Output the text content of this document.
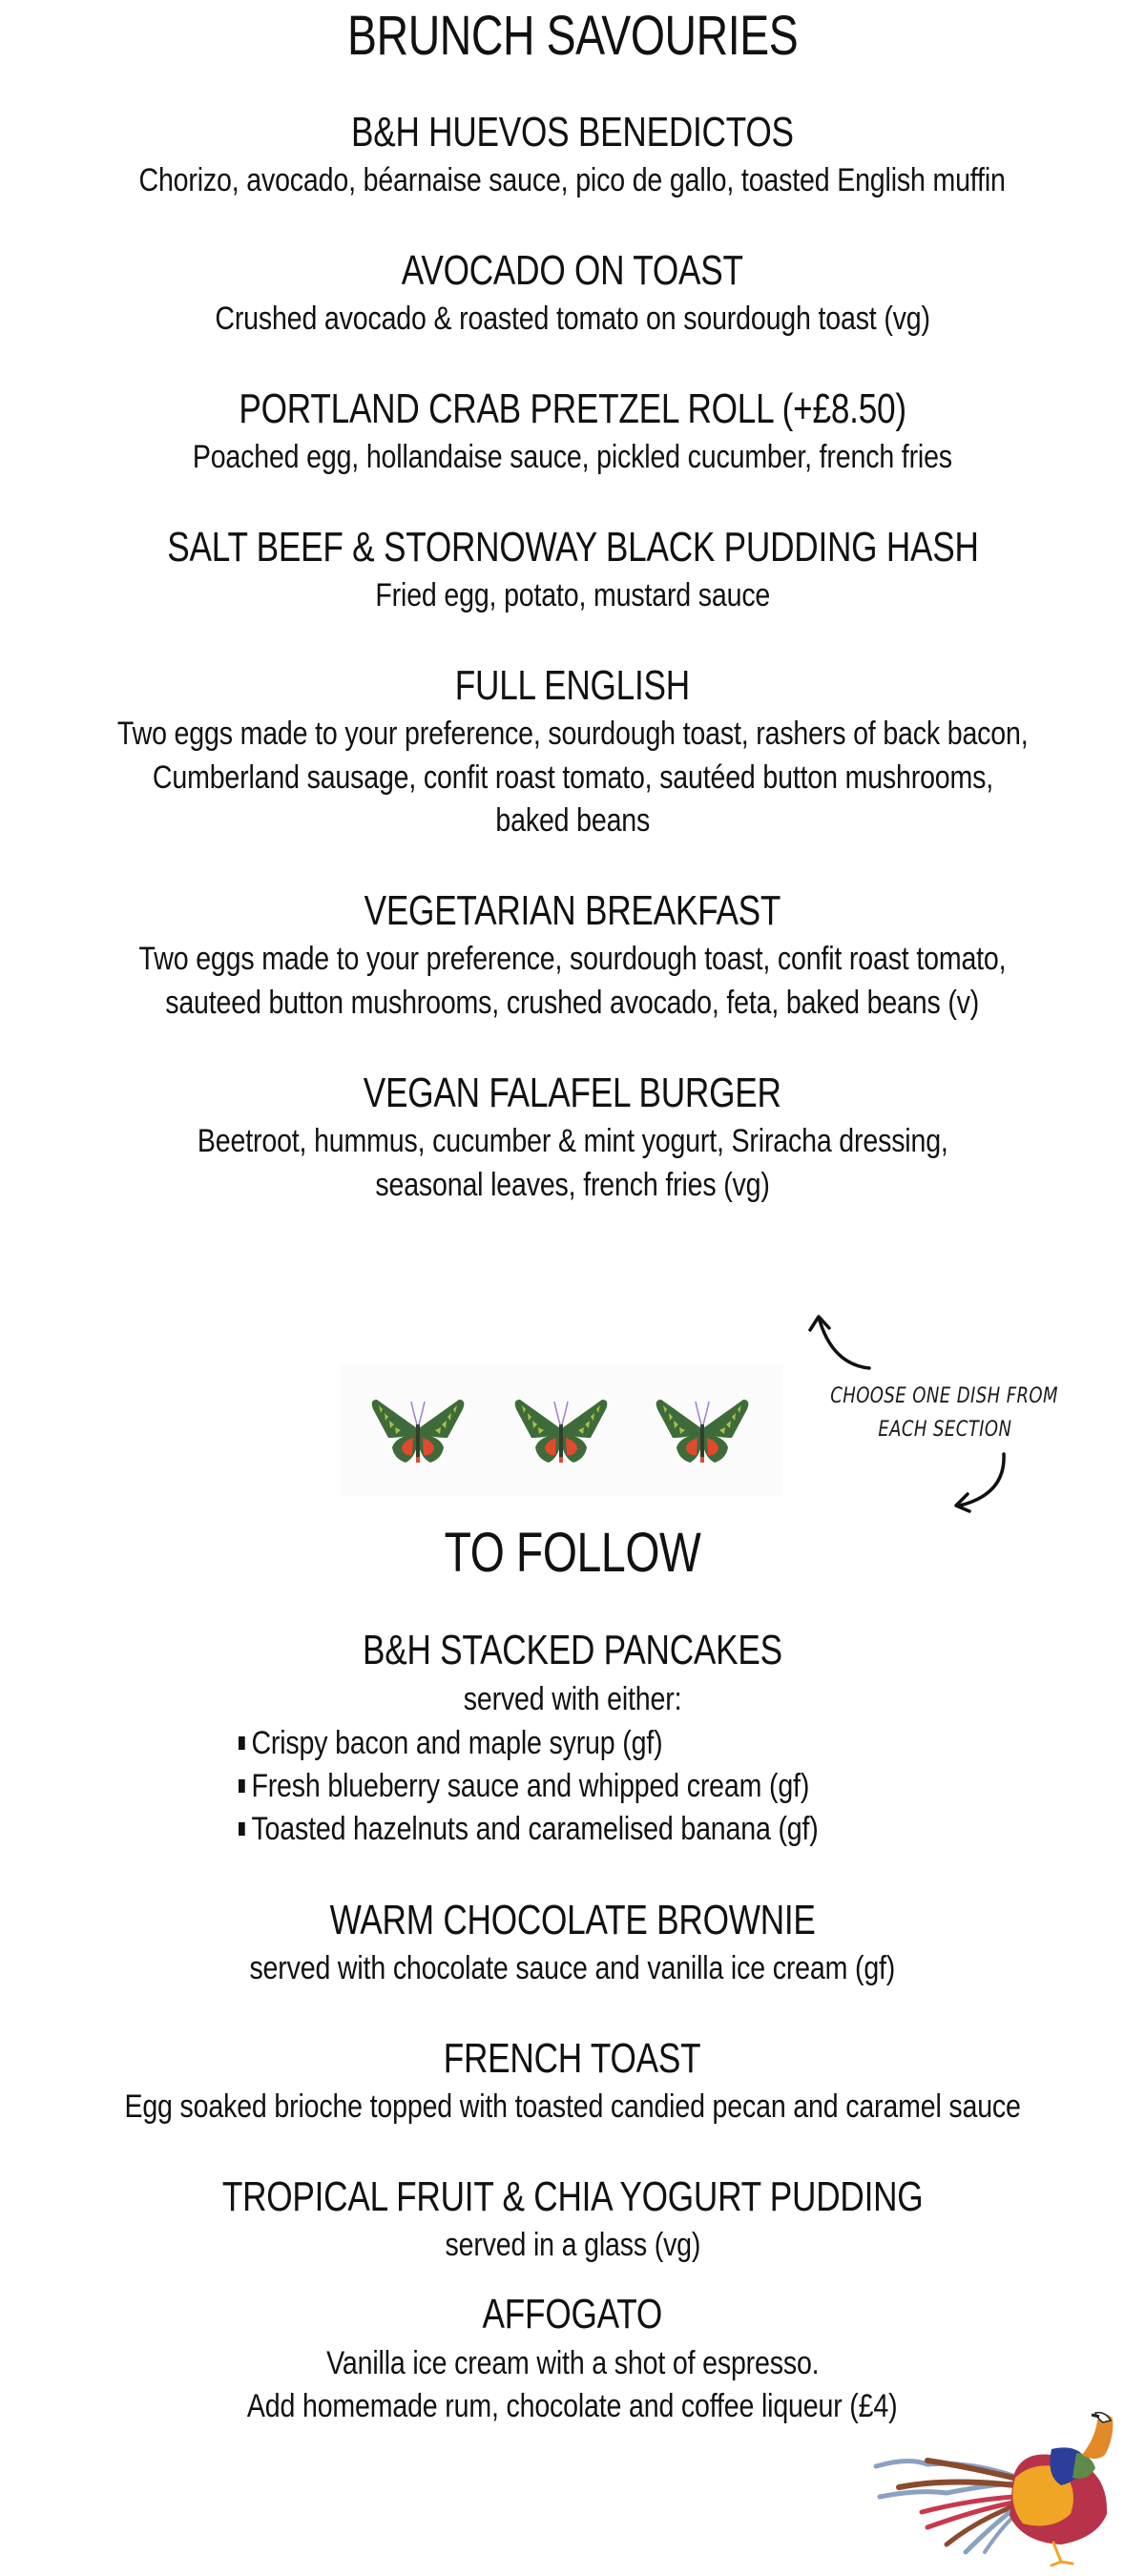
BRUNCH SAVOURIES
B&H HUEVOS BENEDICTOS
Chorizo, avocado, béarnaise sauce, pico de gallo, toasted English muffin
AVOCADO ON TOAST
Crushed avocado & roasted tomato on sourdough toast (vg)
PORTLAND CRAB PRETZEL ROLL (+£8.50)
Poached egg, hollandaise sauce, pickled cucumber, french fries
SALT BEEF & STORNOWAY BLACK PUDDING HASH
Fried egg, potato, mustard sauce
FULL ENGLISH
Two eggs made to your preference, sourdough toast, rashers of back bacon,
Cumberland sausage, confit roast tomato, sautéed button mushrooms,
baked beans
VEGETARIAN BREAKFAST
Two eggs made to your preference, sourdough toast, confit roast tomato,
sauteed button mushrooms, crushed avocado, feta, baked beans (v)
VEGAN FALAFEL BURGER
Beetroot, hummus, cucumber & mint yogurt, Sriracha dressing,
seasonal leaves, french fries (vg)
CHOOSE ONE DISH FROM
EACH SECTION
TO FOLLOW
B&H STACKED PANCAKES
served with either:
Crispy bacon and maple syrup (gf)
Fresh blueberry sauce and whipped cream (gf)
Toasted hazelnuts and caramelised banana (gf)
WARM CHOCOLATE BROWNIE
served with chocolate sauce and vanilla ice cream (gf)
FRENCH TOAST
Egg soaked brioche topped with toasted candied pecan and caramel sauce
TROPICAL FRUIT & CHIA YOGURT PUDDING
served in a glass (vg)
AFFOGATO
Vanilla ice cream with a shot of espresso.
Add homemade rum, chocolate and coffee liqueur (£4)
